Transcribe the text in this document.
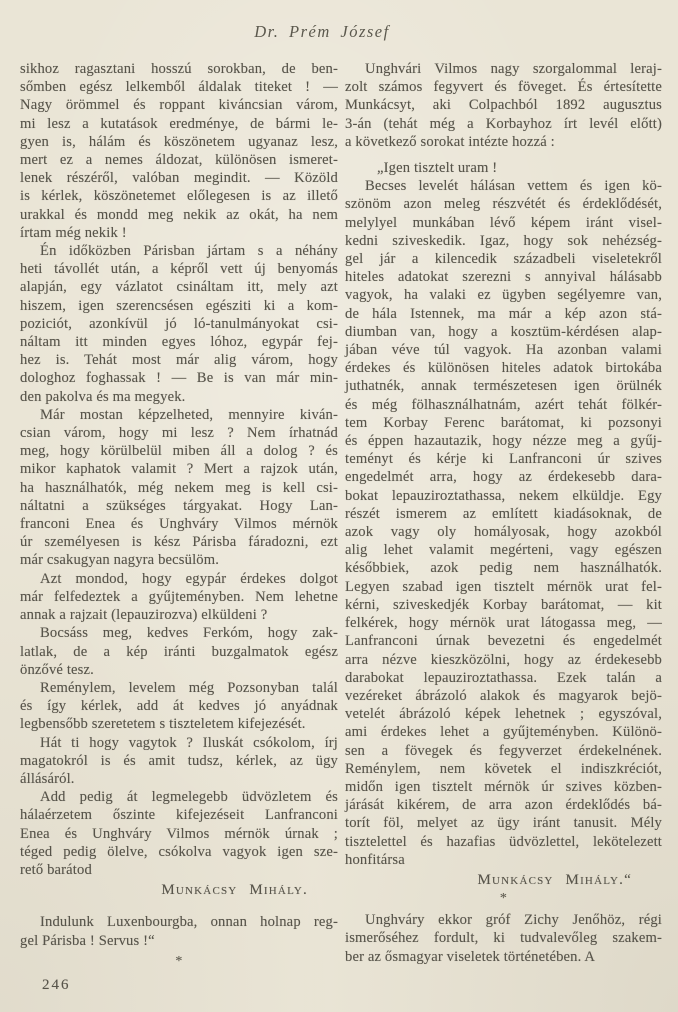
Dr. Prém József
sikhoz ragasztani hosszú sorokban, de ben-
sőmben egész lelkemből áldalak titeket ! —
Nagy örömmel és roppant kiváncsian várom,
mi lesz a kutatások eredménye, de bármi le-
gyen is, hálám és köszönetem ugyanaz lesz,
mert ez a nemes áldozat, különösen ismeret-
lenek részéről, valóban megindit. — Közöld
is kérlek, köszönetemet előlegesen is az illető
urakkal és mondd meg nekik az okát, ha nem
írtam még nekik !
Én időközben Párisban jártam s a néhány
heti távollét után, a képről vett új benyomás
alapján, egy vázlatot csináltam itt, mely azt
hiszem, igen szerencsésen egésziti ki a kom-
poziciót, azonkívül jó ló-tanulmányokat csi-
náltam itt minden egyes lóhoz, egypár fej-
hez is. Tehát most már alig várom, hogy
dologhoz foghassak ! — Be is van már min-
den pakolva és ma megyek.
Már mostan képzelheted, mennyire kiván-
csian várom, hogy mi lesz ? Nem írhatnád
meg, hogy körülbelül miben áll a dolog ? és
mikor kaphatok valamit ? Mert a rajzok után,
ha használhatók, még nekem meg is kell csi-
náltatni a szükséges tárgyakat. Hogy Lan-
franconi Enea és Unghváry Vilmos mérnök
úr személyesen is kész Párisba fáradozni, ezt
már csakugyan nagyra becsülöm.
Azt mondod, hogy egypár érdekes dolgot
már felfedeztek a gyűjteményben. Nem lehetne
annak a rajzait (lepauzirozva) elküldeni ?
Bocsáss meg, kedves Ferkóm, hogy zak-
latlak, de a kép iránti buzgalmatok egész
önzővé tesz.
Reménylem, levelem még Pozsonyban talál
és így kérlek, add át kedves jó anyádnak
legbensőbb szeretetem s tiszteletem kifejezését.
Hát ti hogy vagytok ? Iluskát csókolom, írj
magatokról is és amit tudsz, kérlek, az ügy
állásáról.
Add pedig át legmelegebb üdvözletem és
hálaérzetem őszinte kifejezéseit Lanfranconi
Enea és Unghváry Vilmos mérnök úrnak ;
téged pedig ölelve, csókolva vagyok igen sze-
rető barátod
Munkácsy Mihály.
Indulunk Luxenbourgba, onnan holnap reg-
gel Párisba ! Servus !“
*
Unghvári Vilmos nagy szorgalommal leraj-
zolt számos fegyvert és föveget. És értesítette
Munkácsyt, aki Colpachból 1892 augusztus
3-án (tehát még a Korbayhoz írt levél előtt)
a következő sorokat intézte hozzá :
„Igen tisztelt uram !
Becses levelét hálásan vettem és igen kö-
szönöm azon meleg részvétét és érdeklődését,
melylyel munkában lévő képem iránt visel-
kedni sziveskedik. Igaz, hogy sok nehézség-
gel jár a kilencedik századbeli viseletekről
hiteles adatokat szerezni s annyival hálásabb
vagyok, ha valaki ez ügyben segélyemre van,
de hála Istennek, ma már a kép azon stá-
diumban van, hogy a kosztüm-kérdésen alap-
jában véve túl vagyok. Ha azonban valami
érdekes és különösen hiteles adatok birtokába
juthatnék, annak természetesen igen örülnék
és még fölhasználhatnám, azért tehát fölkér-
tem Korbay Ferenc barátomat, ki pozsonyi
és éppen hazautazik, hogy nézze meg a gyűj-
teményt és kérje ki Lanfranconi úr szives
engedelmét arra, hogy az érdekesebb dara-
bokat lepauziroztathassa, nekem elküldje. Egy
részét ismerem az említett kiadásoknak, de
azok vagy oly homályosak, hogy azokból
alig lehet valamit megérteni, vagy egészen
későbbiek, azok pedig nem használhatók.
Legyen szabad igen tisztelt mérnök urat fel-
kérni, sziveskedjék Korbay barátomat, — kit
felkérek, hogy mérnök urat látogassa meg, —
Lanfranconi úrnak bevezetni és engedelmét
arra nézve kieszközölni, hogy az érdekesebb
darabokat lepauziroztathassa. Ezek talán a
vezéreket ábrázoló alakok és magyarok bejö-
vetelét ábrázoló képek lehetnek ; egyszóval,
ami érdekes lehet a gyűjteményben. Különö-
sen a fövegek és fegyverzet érdekelnének.
Reménylem, nem követek el indiszkréciót,
midőn igen tisztelt mérnök úr szives közben-
járását kikérem, de arra azon érdeklődés bá-
torít föl, melyet az ügy iránt tanusit. Mély
tisztelettel és hazafias üdvözlettel, lekötelezett
honfitársa
Munkácsy Mihály.“
*
Unghváry ekkor gróf Zichy Jenőhöz, régi
ismerőséhez fordult, ki tudvalevőleg szakem-
ber az ősmagyar viseletek történetében. A
246
